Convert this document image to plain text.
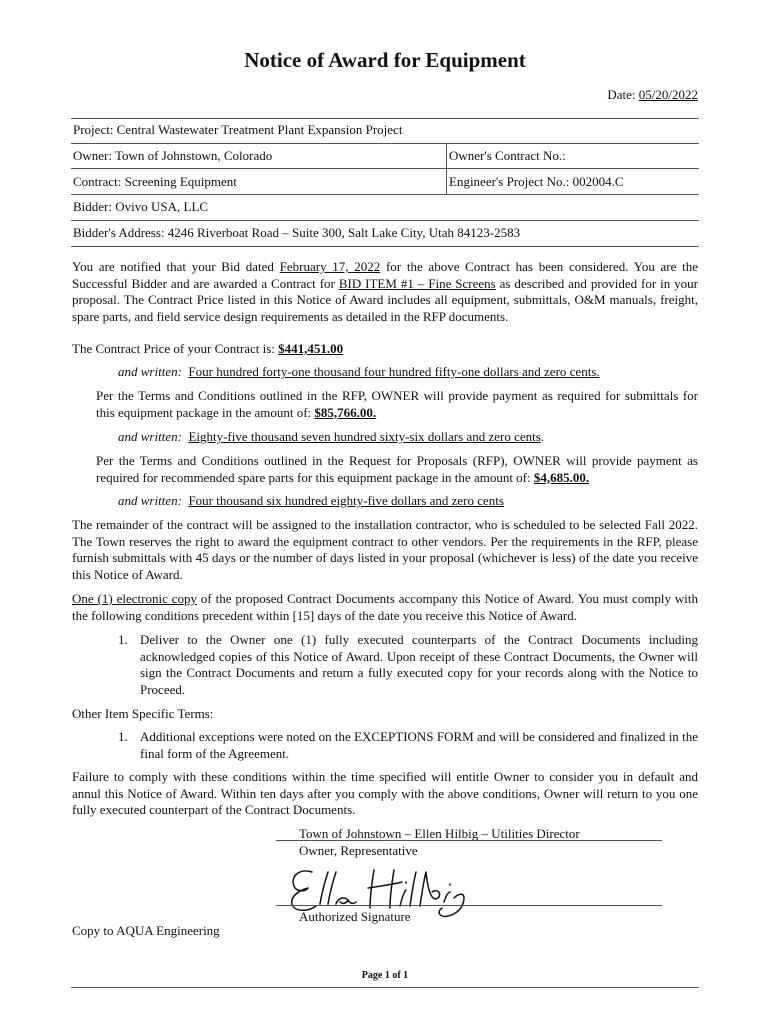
Notice of Award for Equipment
Date: 05/20/2022
Project: Central Wastewater Treatment Plant Expansion Project
Owner: Town of Johnstown, Colorado	Owner's Contract No.:
Contract: Screening Equipment	Engineer's Project No.: 002004.C
Bidder: Ovivo USA, LLC
Bidder's Address: 4246 Riverboat Road – Suite 300, Salt Lake City, Utah 84123-2583

You are notified that your Bid dated February 17, 2022 for the above Contract has been considered. You are the Successful Bidder and are awarded a Contract for BID ITEM #1 – Fine Screens as described and provided for in your proposal. The Contract Price listed in this Notice of Award includes all equipment, submittals, O&M manuals, freight, spare parts, and field service design requirements as detailed in the RFP documents.

The Contract Price of your Contract is: $441,451.00

and written: Four hundred forty-one thousand four hundred fifty-one dollars and zero cents.

Per the Terms and Conditions outlined in the RFP, OWNER will provide payment as required for submittals for this equipment package in the amount of: $85,766.00.

and written: Eighty-five thousand seven hundred sixty-six dollars and zero cents.

Per the Terms and Conditions outlined in the Request for Proposals (RFP), OWNER will provide payment as required for recommended spare parts for this equipment package in the amount of: $4,685.00.

and written: Four thousand six hundred eighty-five dollars and zero cents

The remainder of the contract will be assigned to the installation contractor, who is scheduled to be selected Fall 2022. The Town reserves the right to award the equipment contract to other vendors. Per the requirements in the RFP, please furnish submittals with 45 days or the number of days listed in your proposal (whichever is less) of the date you receive this Notice of Award.

One (1) electronic copy of the proposed Contract Documents accompany this Notice of Award. You must comply with the following conditions precedent within [15] days of the date you receive this Notice of Award.

1. Deliver to the Owner one (1) fully executed counterparts of the Contract Documents including acknowledged copies of this Notice of Award. Upon receipt of these Contract Documents, the Owner will sign the Contract Documents and return a fully executed copy for your records along with the Notice to Proceed.

Other Item Specific Terms:

1. Additional exceptions were noted on the EXCEPTIONS FORM and will be considered and finalized in the final form of the Agreement.

Failure to comply with these conditions within the time specified will entitle Owner to consider you in default and annul this Notice of Award. Within ten days after you comply with the above conditions, Owner will return to you one fully executed counterpart of the Contract Documents.

Town of Johnstown – Ellen Hilbig – Utilities Director
Owner, Representative
Authorized Signature
Copy to AQUA Engineering
Page 1 of 1
